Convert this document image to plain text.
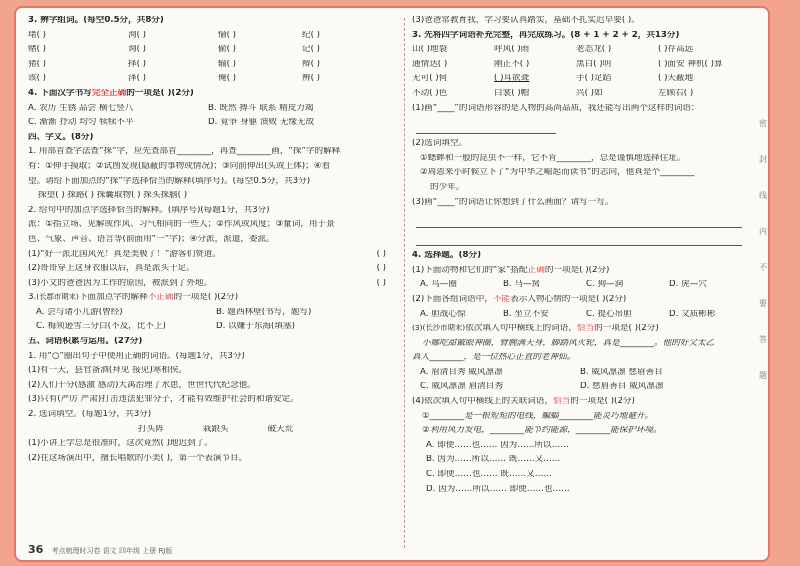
3. 辨字组词。(每空0.5分，共8分)
堵( )	洵( )	愉( )	纪( )
赌( )	询( )	偷( )	记( )
猪( )	择( )	输( )	辩( )
该( )	泽( )	俺( )	辨( )
4. 下面汉字书写完全正确的一项是( )(2分)
A. 农历 生锈 品尝 横七竖八	B. 既然 搏斗 联系 精皮力竭
C. 渐渐 抒动 均匀 犊犊不平	D. 竟争 身躯 溃败 无缘无故
四、字义。(8分)
1. 用部首查字法查“探”字，应先查部首________，再查________画，“探”字的解释
有：①伸手摸取；②试图发现(隐蔽的事物或情况)；③向前伸出(头或上体)；④看
望。请给下面加点的“探”字选择恰当的解释(填序号)。(每空0.5分，共3分)
探望( ) 探路( ) 探囊取物( ) 探头探脑( )
2. 给句中的加点字选择恰当的解释。(填序号)(每题1分，共3分)
派：①指立场、见解或作风、习气相同的一些人；②作风或风度；③量词，用于景
色、气象、声音、语言等(前面用“一”字)；④分派，派遣，委派。
(1)“好一派北国风光！真是美极了！”游客们赞道。	( )
(2)哥哥穿上这身衣服以后，真是派头十足。	( )
(3)小文的爸爸因为工作的原因，被派到了外地。	( )
3.(长郡市期末)下面加点字的解释不正确的一项是( )(2分)
A. 尝与诸小儿游(曾经)	B. 题西林壁(书写，题写)
C. 梅须逊雪三分白(不及，比不上)	D. 以嫌于东海(填塞)
五、词语积累与运用。(27分)
1. 用“○”圈出句子中使用正确的词语。(每题1分，共3分)
(1)有一天，县官备酒(拜见 接见)寒相侯。
(2)人们十分(感激 感动)大禹治理了水患，世世代代纪念他。
(3)只有(严厉 严肃)打击违法犯罪分子，才能有效维护社会的和谐安定。
2. 选词填空。(每题1分，共3分)
打头阵	栽跟头	破天荒
(1)小讲上学总是很准时，这次竟然( )地迟到了。
(2)在这场演出中，擅长唱歌的小美( )，第一个表演节目。
36 考点梳理时习卷 语文 四年级 上册 RJ版
(3)爸爸常教育我，学习要认真踏实，基础不扎实迟早要( )。
3. 先将四字词语补充完整，再完成练习。(8 + 1 + 2 + 2，共13分)
山( )地裂	呼风( )雨	老态龙( )	( )存高远
通情达( )	刚正不( )	黑白( )明	( )面安 神机( )算
无可( )何	( )耳欲聋	手( )足蹈	( )天蔽地
不动( )色	白裳( )帽	兴( )如	左顾右( )
(1)画“____”的词语形容的是人物的高尚品质，我还能写出两个这样的词语：
(2)选词填空。
①蟋蟀和一般的昆虫不一样，它不肯________，总是谨慎地选择住址。
②周恩来小时候立下了“为中华之崛起而读书”的志向，他真是个________
的少年。
(3)画“____”的词语让你想到了什么画面？请写一写。
4. 选择题。(8分)
(1)下面动物和它们的“家”搭配正确的一项是( )(2分)
A. 鸟—圈	B. 马—窝	C. 狗—洞	D. 虎—穴
(2)下面各组词语中，不能表示人物心情的一项是( )(2分)
A. 胆战心惊	B. 坐立不安	C. 提心吊胆	D. 文质彬彬
(3)(长沙市期末)依次填入句中横线上的词语，恰当的一项是( )(2分)
小娜吃甜戴眼神圈，臂腕满天身，脚踏风火轮，真是________。他的好父太乙
真人________，是一位热心正直的老神仙。
A. 眉清目秀 威风凛凛	B. 威风凛凛 慈眉善目
C. 威风凛凛 眉清目秀	D. 慈眉善目 威风凛凛
(4)依次填入句中横线上的关联词语，恰当的一项是( )(2分)
①________是一根短短的电线，蝙蝠________能灵巧地避开。
②利用风力发电，________能节约能源，________能保护环境。
A. 即使……也…… 因为……所以……
B. 因为……所以…… 既……又……
C. 即使……也…… 既……又……
D. 因为……所以…… 即使……也……
密
封
线
内
不
要
答
题
